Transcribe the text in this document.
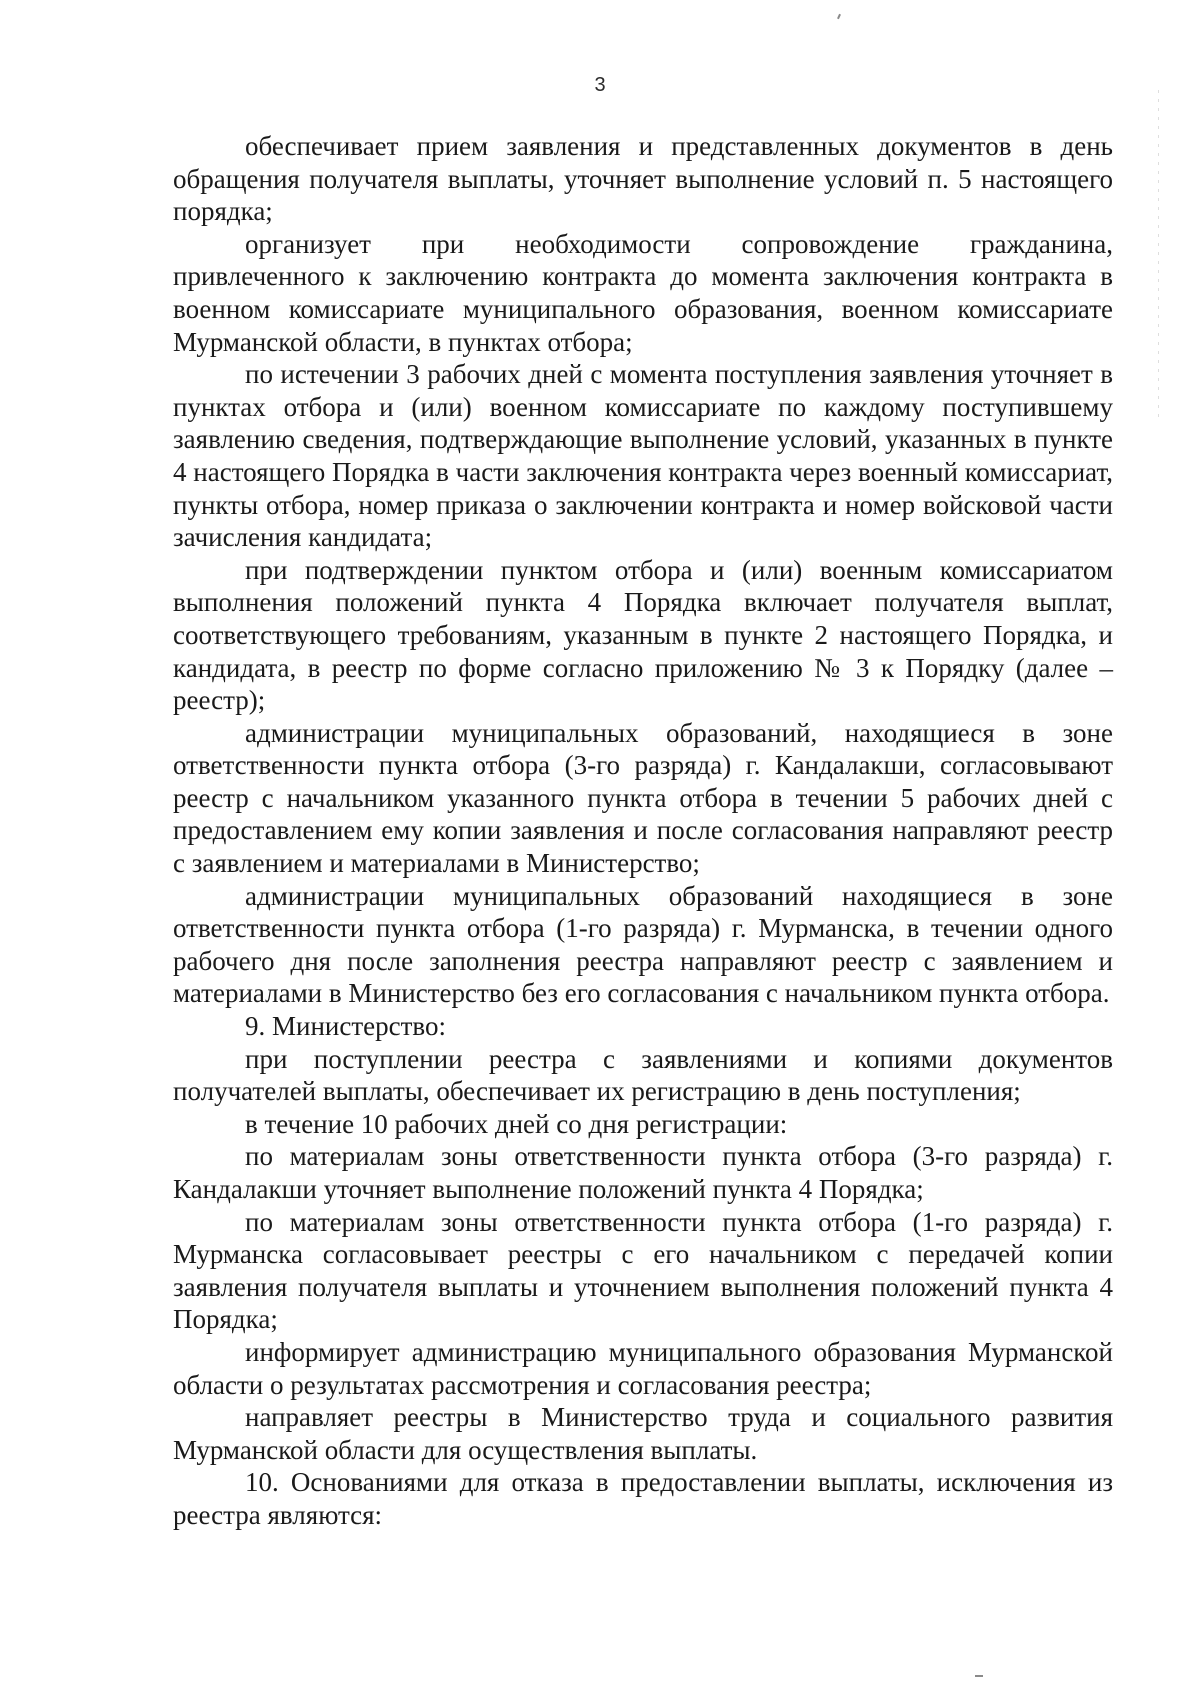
3

обеспечивает прием заявления и представленных документов в день обращения получателя выплаты, уточняет выполнение условий п. 5 настоящего порядка;

организует при необходимости сопровождение гражданина, привлеченного к заключению контракта до момента заключения контракта в военном комиссариате муниципального образования, военном комиссариате Мурманской области, в пунктах отбора;

по истечении 3 рабочих дней с момента поступления заявления уточняет в пунктах отбора и (или) военном комиссариате по каждому поступившему заявлению сведения, подтверждающие выполнение условий, указанных в пункте 4 настоящего Порядка в части заключения контракта через военный комиссариат, пункты отбора, номер приказа о заключении контракта и номер войсковой части зачисления кандидата;

при подтверждении пунктом отбора и (или) военным комиссариатом выполнения положений пункта 4 Порядка включает получателя выплат, соответствующего требованиям, указанным в пункте 2 настоящего Порядка, и кандидата, в реестр по форме согласно приложению № 3 к Порядку (далее – реестр);

администрации муниципальных образований, находящиеся в зоне ответственности пункта отбора (3-го разряда) г. Кандалакши, согласовывают реестр с начальником указанного пункта отбора в течении 5 рабочих дней с предоставлением ему копии заявления и после согласования направляют реестр с заявлением и материалами в Министерство;

администрации муниципальных образований находящиеся в зоне ответственности пункта отбора (1-го разряда) г. Мурманска, в течении одного рабочего дня после заполнения реестра направляют реестр с заявлением и материалами в Министерство без его согласования с начальником пункта отбора.

9. Министерство:

при поступлении реестра с заявлениями и копиями документов получателей выплаты, обеспечивает их регистрацию в день поступления;

в течение 10 рабочих дней со дня регистрации:

по материалам зоны ответственности пункта отбора (3-го разряда) г. Кандалакши уточняет выполнение положений пункта 4 Порядка;

по материалам зоны ответственности пункта отбора (1-го разряда) г. Мурманска согласовывает реестры с его начальником с передачей копии заявления получателя выплаты и уточнением выполнения положений пункта 4 Порядка;

информирует администрацию муниципального образования Мурманской области о результатах рассмотрения и согласования реестра;

направляет реестры в Министерство труда и социального развития Мурманской области для осуществления выплаты.

10. Основаниями для отказа в предоставлении выплаты, исключения из реестра являются:
